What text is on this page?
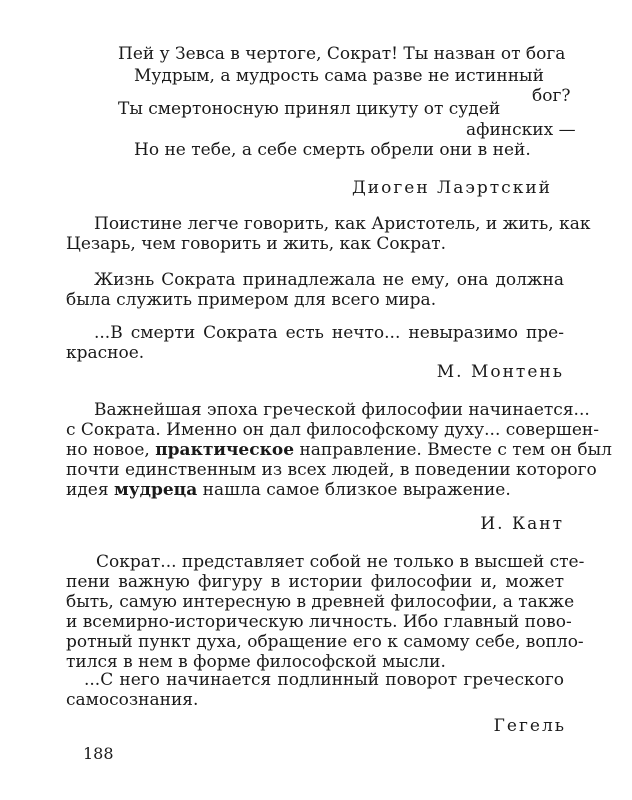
Пей у Зевса в чертоге, Сократ! Ты назван от бога
Мудрым, а мудрость сама разве не истинный
бог?
Ты смертоносную принял цикуту от судей
афинских —
Но не тебе, а себе смерть обрели они в ней.
Диоген Лаэртский
Поистине легче говорить, как Аристотель, и жить, как
Цезарь, чем говорить и жить, как Сократ.
Жизнь Сократа принадлежала не ему, она должна
была служить примером для всего мира.
...В смерти Сократа есть нечто... невыразимо пре-
красное.
М. Монтень
Важнейшая эпоха греческой философии начинается...
с Сократа. Именно он дал философскому духу... совершен-
но новое, практическое направление. Вместе с тем он был
почти единственным из всех людей, в поведении которого
идея мудреца нашла самое близкое выражение.
И. Кант
Сократ... представляет собой не только в высшей сте-
пени важную фигуру в истории философии и, может
быть, самую интересную в древней философии, а также
и всемирно-историческую личность. Ибо главный пово-
ротный пункт духа, обращение его к самому себе, вопло-
тился в нем в форме философской мысли.
...С него начинается подлинный поворот греческого
самосознания.
Гегель
188
